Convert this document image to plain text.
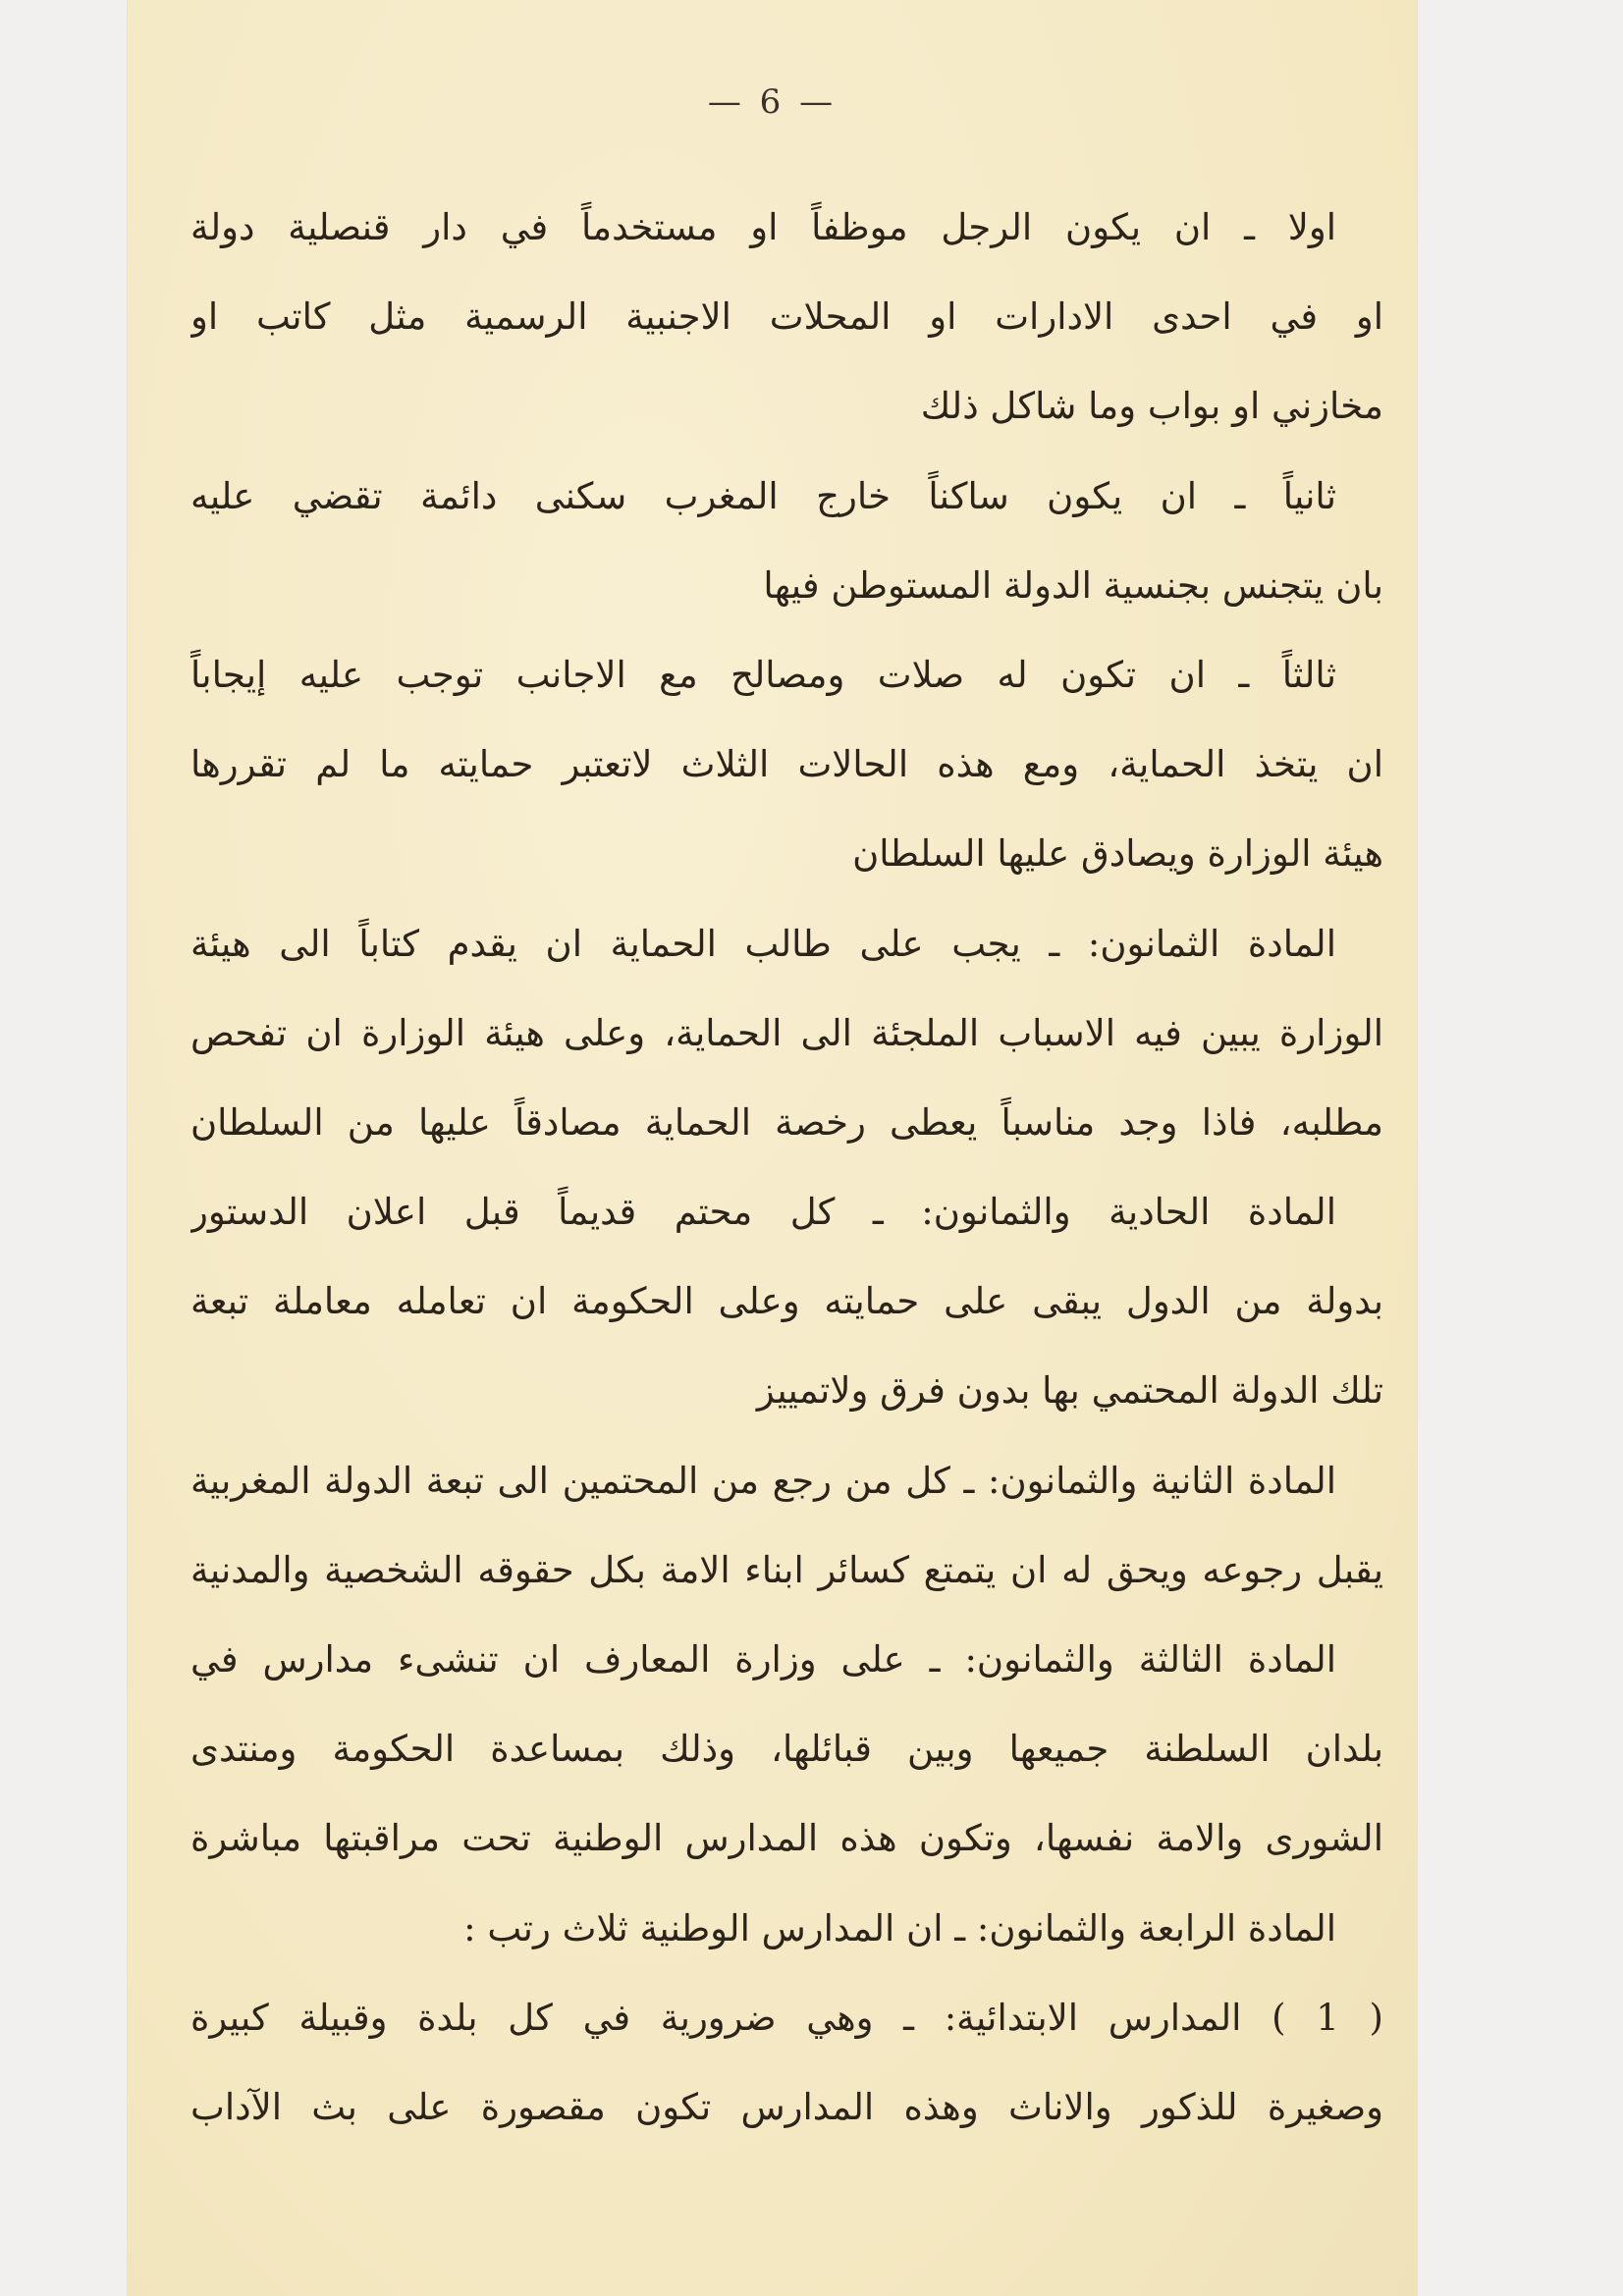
— 6 —
اولا ـ ان يكون الرجل موظفاً او مستخدماً في دار قنصلية دولة
او في احدى الادارات او المحلات الاجنبية الرسمية مثل كاتب او
مخازني او بواب وما شاكل ذلك
ثانياً ـ ان يكون ساكناً خارج المغرب سكنى دائمة تقضي عليه
بان يتجنس بجنسية الدولة المستوطن فيها
ثالثاً ـ ان تكون له صلات ومصالح مع الاجانب توجب عليه إيجاباً
ان يتخذ الحماية، ومع هذه الحالات الثلاث لاتعتبر حمايته ما لم تقررها
هيئة الوزارة ويصادق عليها السلطان
المادة الثمانون: ـ يجب على طالب الحماية ان يقدم كتاباً الى هيئة
الوزارة يبين فيه الاسباب الملجئة الى الحماية، وعلى هيئة الوزارة ان تفحص
مطلبه، فاذا وجد مناسباً يعطى رخصة الحماية مصادقاً عليها من السلطان
المادة الحادية والثمانون: ـ كل محتم قديماً قبل اعلان الدستور
بدولة من الدول يبقى على حمايته وعلى الحكومة ان تعامله معاملة تبعة
تلك الدولة المحتمي بها بدون فرق ولاتمييز
المادة الثانية والثمانون: ـ كل من رجع من المحتمين الى تبعة الدولة المغربية
يقبل رجوعه ويحق له ان يتمتع كسائر ابناء الامة بكل حقوقه الشخصية والمدنية
المادة الثالثة والثمانون: ـ على وزارة المعارف ان تنشىء مدارس في
بلدان السلطنة جميعها وبين قبائلها، وذلك بمساعدة الحكومة ومنتدى
الشورى والامة نفسها، وتكون هذه المدارس الوطنية تحت مراقبتها مباشرة
المادة الرابعة والثمانون: ـ ان المدارس الوطنية ثلاث رتب :
( 1 ) المدارس الابتدائية: ـ وهي ضرورية في كل بلدة وقبيلة كبيرة
وصغيرة للذكور والاناث وهذه المدارس تكون مقصورة على بث الآداب
